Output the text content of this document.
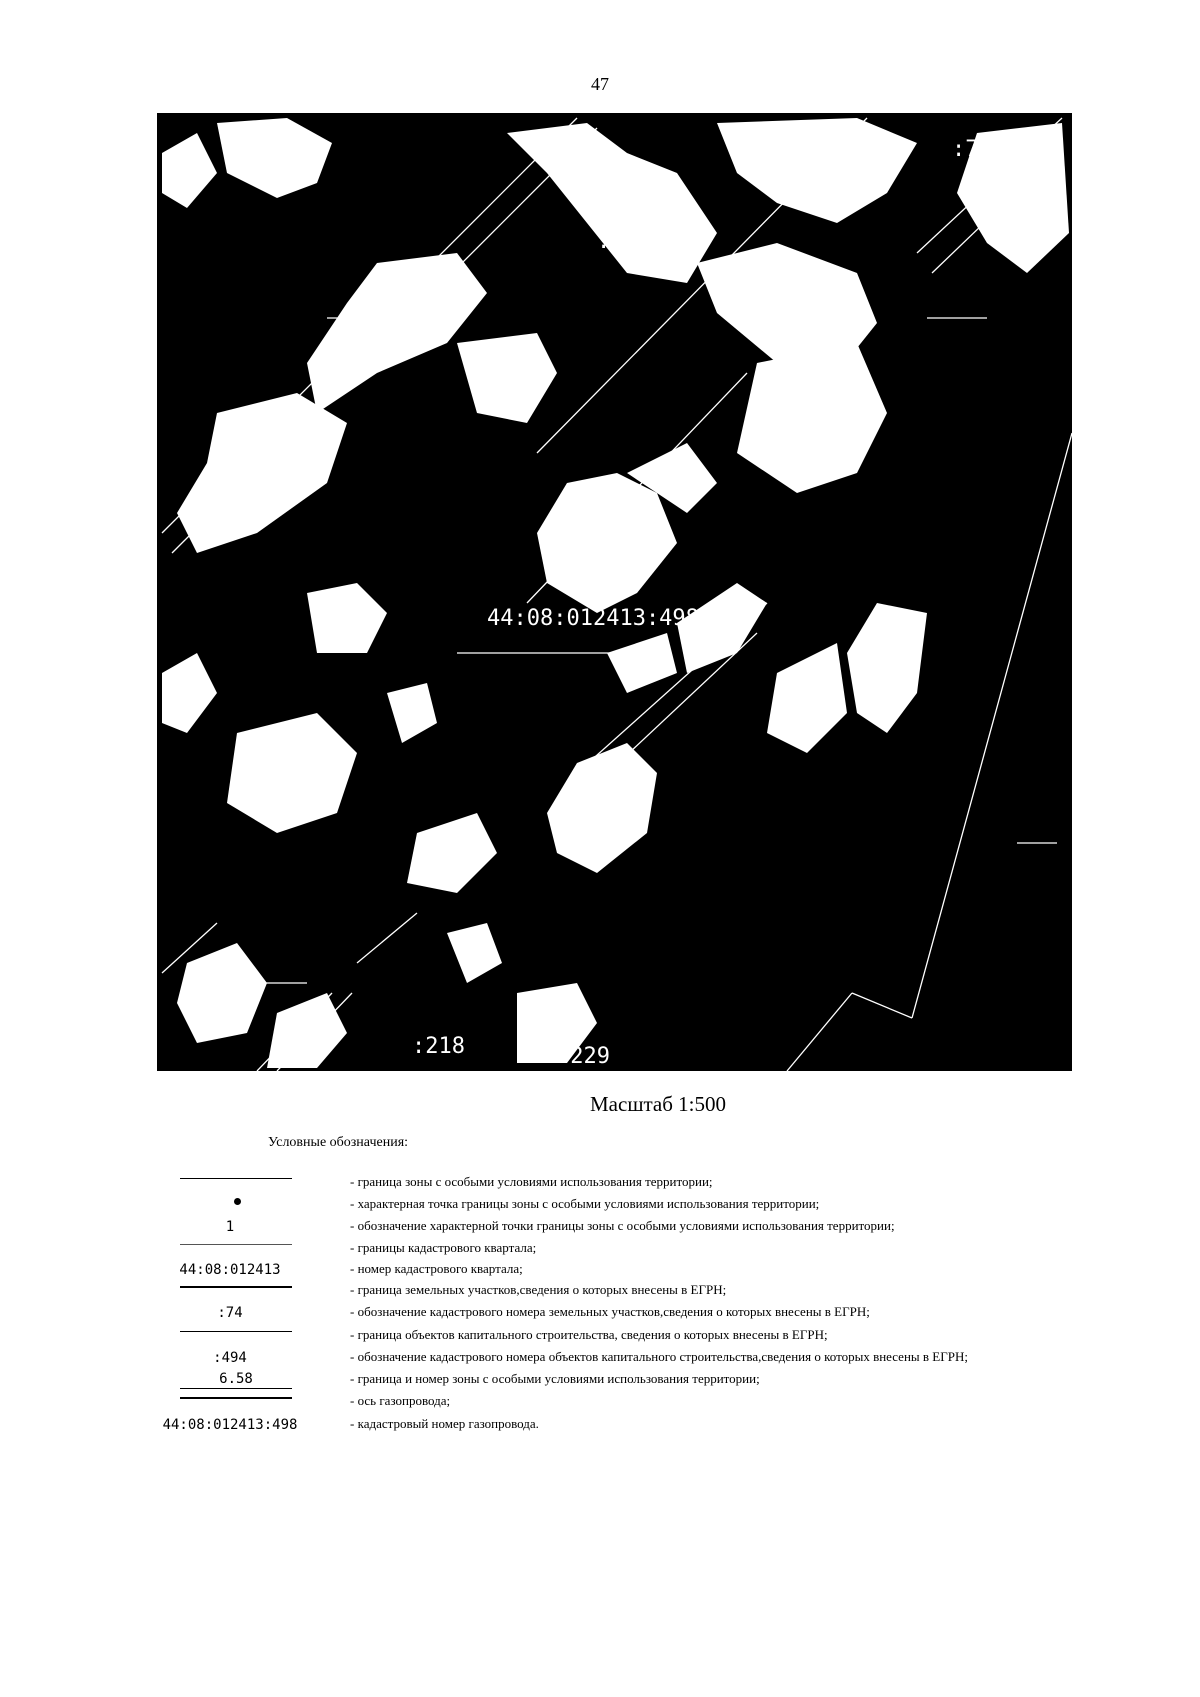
47
:72
:96
:73
:74
44:08:012413:498
:218	:229
Масштаб 1:500
Условные обозначения:
- граница зоны с особыми условиями использования территории;
- характерная точка границы зоны с особыми условиями использования территории;
1	- обозначение характерной точки границы зоны с особыми условиями использования территории;
- границы кадастрового квартала;
44:08:012413	- номер кадастрового квартала;
- граница земельных участков,сведения о которых внесены в ЕГРН;
:74	- обозначение кадастрового номера земельных участков,сведения о которых внесены в ЕГРН;
- граница объектов капитального строительства, сведения о которых внесены в ЕГРН;
:494	- обозначение кадастрового номера объектов капитального строительства,сведения о которых внесены в ЕГРН;
6.58	- граница и номер зоны с особыми условиями использования территории;
- ось газопровода;
44:08:012413:498	- кадастровый номер газопровода.
